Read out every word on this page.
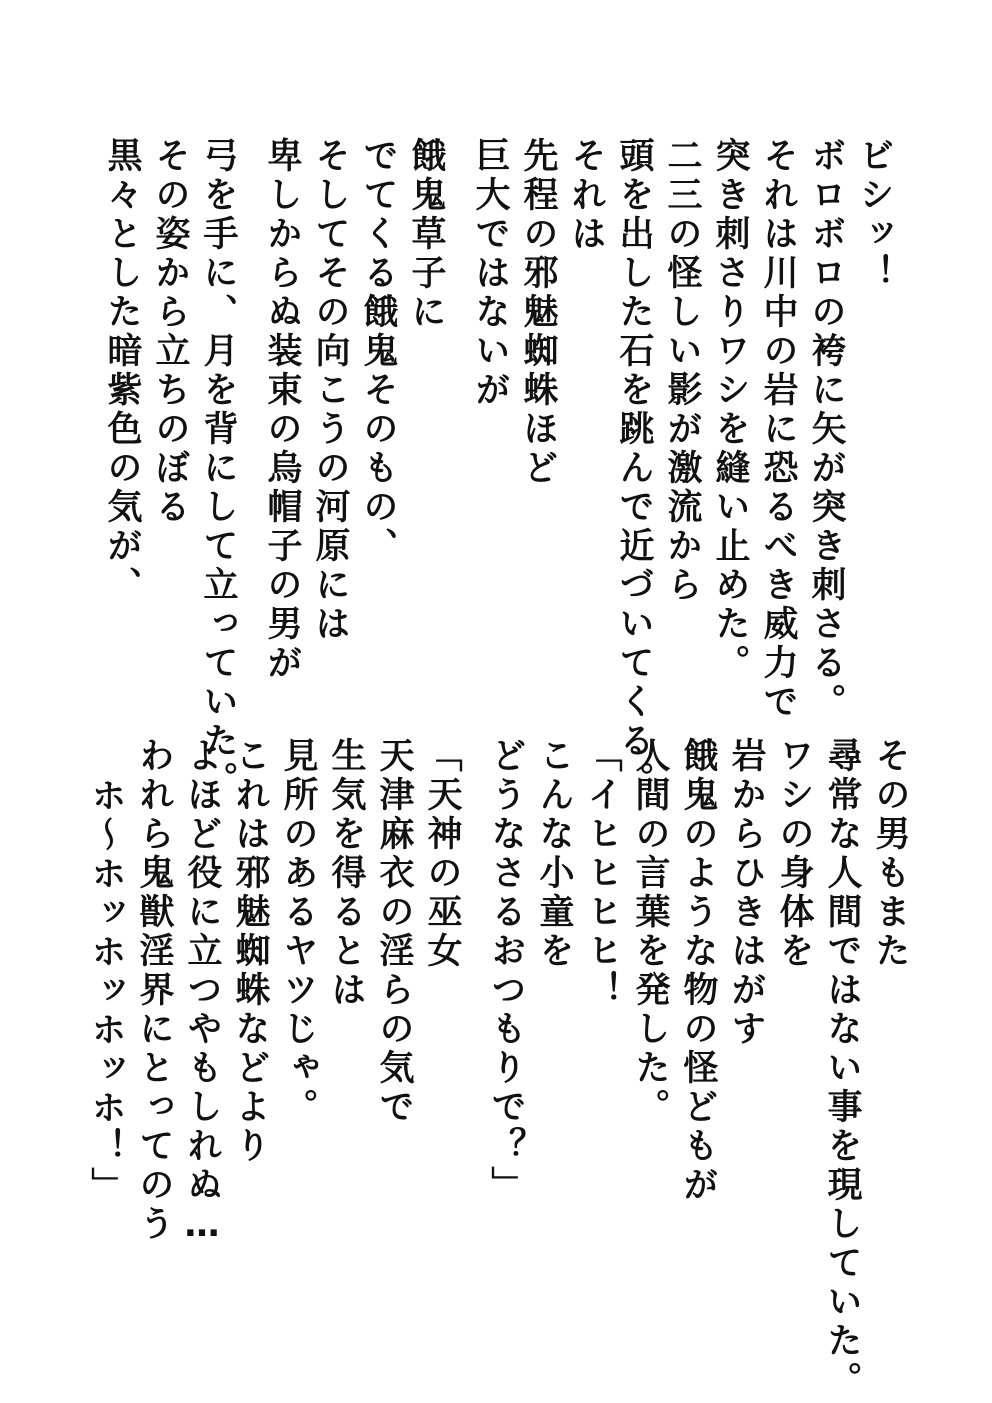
ビシッ！
ボロボロの袴に矢が突き刺さる。
それは川中の岩に恐るべき威力で
突き刺さりワシを縫い止めた。
二三の怪しい影が激流から
頭を出した石を跳んで近づいてくる。
それは
先程の邪魅蜘蛛ほど
巨大ではないが
餓鬼草子に
でてくる餓鬼そのもの、
そしてその向こうの河原には
卑しからぬ装束の烏帽子の男が
弓を手に、月を背にして立っていた。
その姿から立ちのぼる
黒々とした暗紫色の気が、
その男もまた
尋常な人間ではない事を現していた。
ワシの身体を
岩からひきはがす
餓鬼のような物の怪どもが
人間の言葉を発した。
「イヒヒヒヒ！
こんな小童を
どうなさるおつもりで？」
「天神の巫女
天津麻衣の淫らの気で
生気を得るとは
見所のあるヤツじゃ。
これは邪魅蜘蛛などより
よほど役に立つやもしれぬ…
われら鬼獣淫界にとってのう
ホ～ホッホッホッホ！」
